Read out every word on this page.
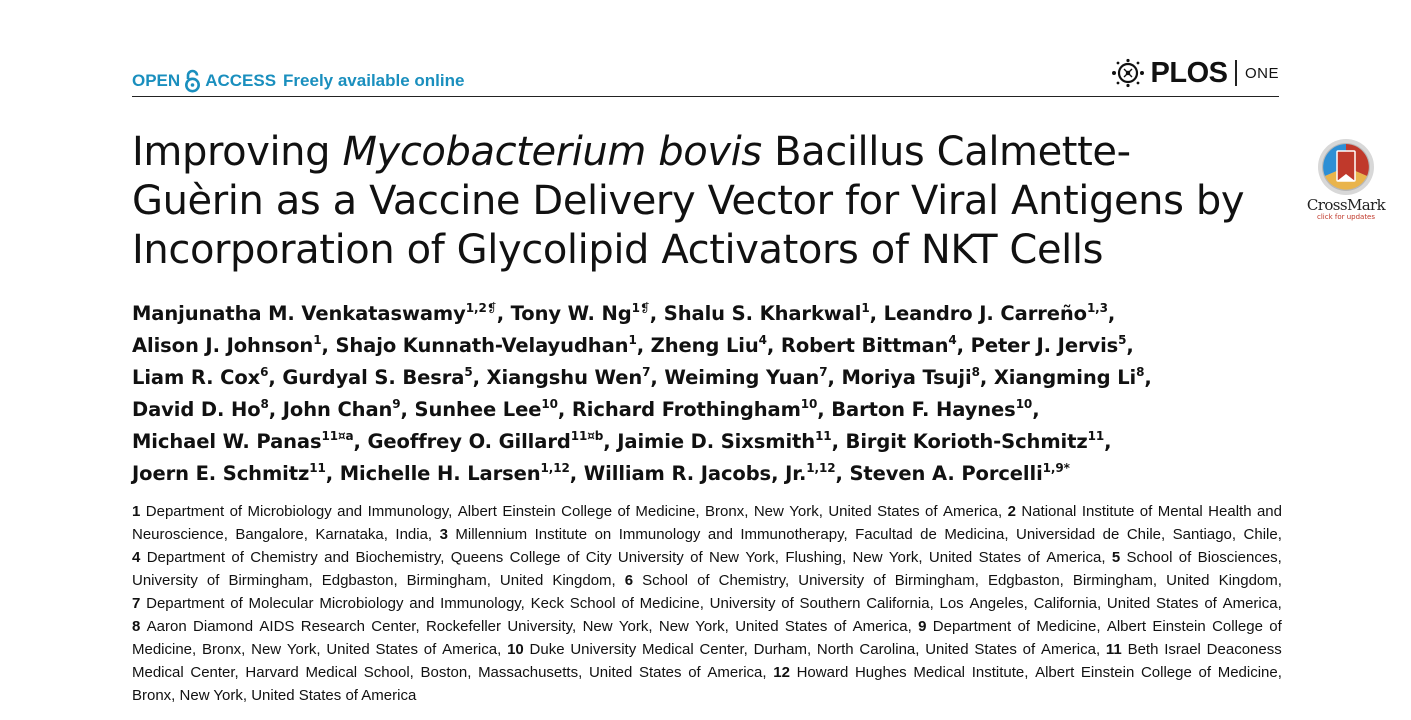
OPEN ACCESS Freely available online	PLOS ONE
Improving Mycobacterium bovis Bacillus Calmette-
Guèrin as a Vaccine Delivery Vector for Viral Antigens by
Incorporation of Glycolipid Activators of NKT Cells
CrossMark
click for updates
Manjunatha M. Venkataswamy$^{1,2❡}$, Tony W. $Ng^{1❡}$, Shalu S. Kharkwal$^1$, Leandro J. Carreño$^{1,3}$,
Alison J. Johnson$^1$, Shajo Kunnath-Velayudhan$^1$, Zheng Liu$^4$, Robert Bittman$^4$, Peter J. Jervis$^5$,
Liam R. Cox$^6$, Gurdyal S. Besra$^5$, Xiangshu Wen$^7$, Weiming Yuan$^7$, Moriya Tsuji$^8$, Xiangming Li$^8$,
David D. Ho$^8$, John Chan$^9$, Sunhee Lee$^{10}$, Richard Frothingham$^{10}$, Barton F. Haynes$^{10}$,
Michael W. Panas$^{11¤a}$, Geoffrey O. Gillard$^{11¤b}$, Jaimie D. Sixsmith$^{11}$, Birgit Korioth-Schmitz$^{11}$,
Joern E. Schmitz$^{11}$, Michelle H. Larsen$^{1,12}$, William R. Jacobs, Jr.$^{1,12}$, Steven A. Porcelli$^{1,9*}$
1 Department of Microbiology and Immunology, Albert Einstein College of Medicine, Bronx, New York, United States of America, 2 National Institute of Mental Health and
Neuroscience, Bangalore, Karnataka, India, 3 Millennium Institute on Immunology and Immunotherapy, Facultad de Medicina, Universidad de Chile, Santiago, Chile,
4 Department of Chemistry and Biochemistry, Queens College of City University of New York, Flushing, New York, United States of America, 5 School of Biosciences,
University of Birmingham, Edgbaston, Birmingham, United Kingdom, 6 School of Chemistry, University of Birmingham, Edgbaston, Birmingham, United Kingdom,
7 Department of Molecular Microbiology and Immunology, Keck School of Medicine, University of Southern California, Los Angeles, California, United States of America,
8 Aaron Diamond AIDS Research Center, Rockefeller University, New York, New York, United States of America, 9 Department of Medicine, Albert Einstein College of
Medicine, Bronx, New York, United States of America, 10 Duke University Medical Center, Durham, North Carolina, United States of America, 11 Beth Israel Deaconess
Medical Center, Harvard Medical School, Boston, Massachusetts, United States of America, 12 Howard Hughes Medical Institute, Albert Einstein College of Medicine,
Bronx, New York, United States of America
